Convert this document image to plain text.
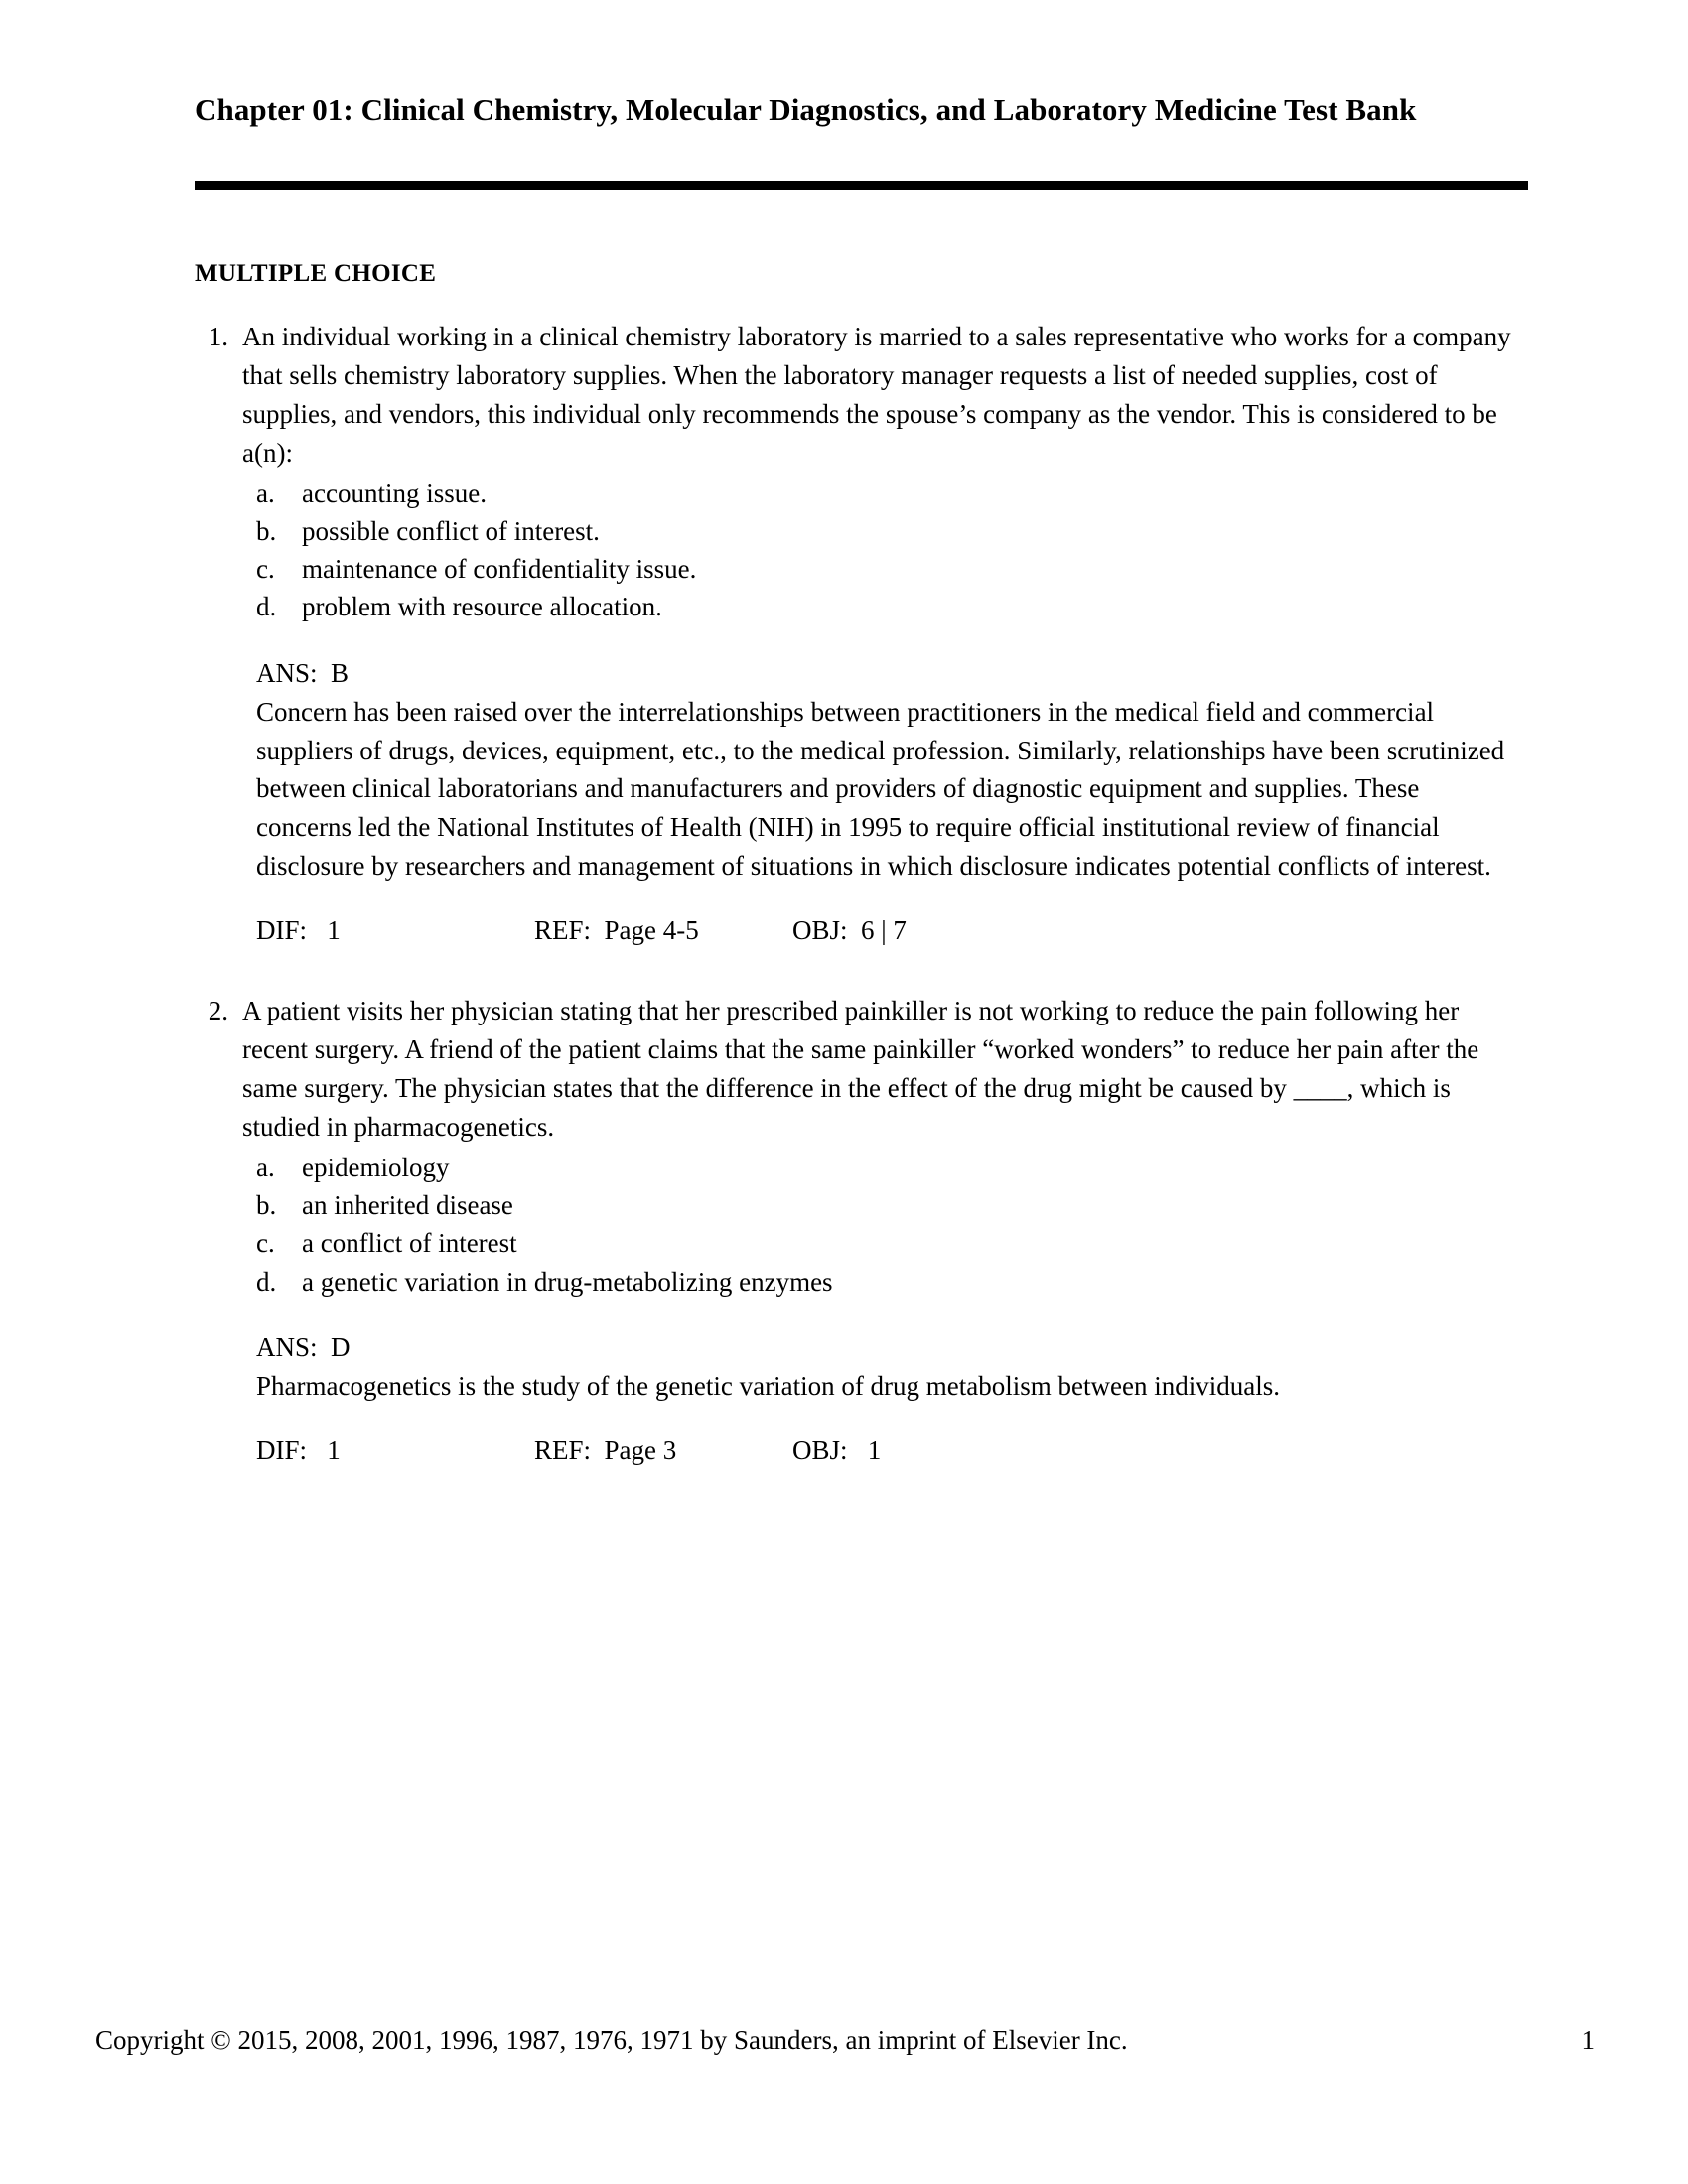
Chapter 01: Clinical Chemistry, Molecular Diagnostics, and Laboratory Medicine Test Bank
MULTIPLE CHOICE
1. An individual working in a clinical chemistry laboratory is married to a sales representative who works for a company that sells chemistry laboratory supplies. When the laboratory manager requests a list of needed supplies, cost of supplies, and vendors, this individual only recommends the spouse’s company as the vendor. This is considered to be a(n):
a.	accounting issue.
b. possible conflict of interest.
c.	maintenance of confidentiality issue.
d. problem with resource allocation.
ANS:  B
Concern has been raised over the interrelationships between practitioners in the medical field and commercial suppliers of drugs, devices, equipment, etc., to the medical profession. Similarly, relationships have been scrutinized between clinical laboratorians and manufacturers and providers of diagnostic equipment and supplies. These concerns led the National Institutes of Health (NIH) in 1995 to require official institutional review of financial disclosure by researchers and management of situations in which disclosure indicates potential conflicts of interest.
DIF:   1	REF:  Page 4-5	OBJ:  6 | 7
2. A patient visits her physician stating that her prescribed painkiller is not working to reduce the pain following her recent surgery. A friend of the patient claims that the same painkiller “worked wonders” to reduce her pain after the same surgery. The physician states that the difference in the effect of the drug might be caused by ____, which is studied in pharmacogenetics.
a.	epidemiology
b. an inherited disease
c.	a conflict of interest
d. a genetic variation in drug-metabolizing enzymes
ANS:  D
Pharmacogenetics is the study of the genetic variation of drug metabolism between individuals.
DIF:   1	REF:  Page 3	OBJ:   1
Copyright © 2015, 2008, 2001, 1996, 1987, 1976, 1971 by Saunders, an imprint of Elsevier Inc.	1
